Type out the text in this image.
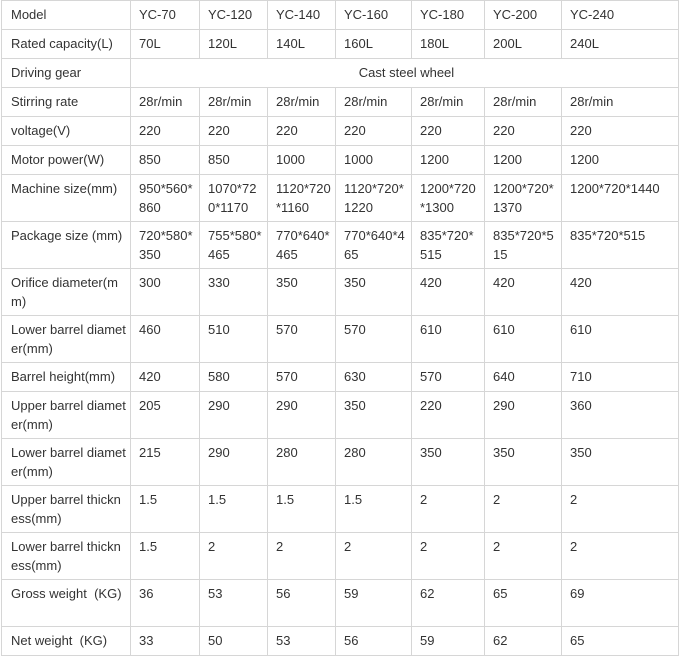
Model	YC-70	YC-120	YC-140	YC-160	YC-180	YC-200	YC-240
Rated capacity(L)	70L	120L	140L	160L	180L	200L	240L
Driving gear	Cast steel wheel						
Stirring rate	28r/min	28r/min	28r/min	28r/min	28r/min	28r/min	28r/min
voltage(V)	220	220	220	220	220	220	220
Motor power(W)	850	850	1000	1000	1200	1200	1200
Machine size(mm)	950*560*860	1070*720*1170	1120*720*1160	1120*720*1220	1200*720*1300	1200*720*1370	1200*720*1440
Package size (mm)	720*580*350	755*580*465	770*640*465	770*640*465	835*720*515	835*720*515	835*720*515
Orifice diameter(mm)	300	330	350	350	420	420	420
Lower barrel diameter(mm)	460	510	570	570	610	610	610
Barrel height(mm)	420	580	570	630	570	640	710
Upper barrel diameter(mm)	205	290	290	350	220	290	360
Lower barrel diameter(mm)	215	290	280	280	350	350	350
Upper barrel thickness(mm)	1.5	1.5	1.5	1.5	2	2	2
Lower barrel thickness(mm)	1.5	2	2	2	2	2	2
Gross weight  (KG)	36	53	56	59	62	65	69
Net weight  (KG)	33	50	53	56	59	62	65
